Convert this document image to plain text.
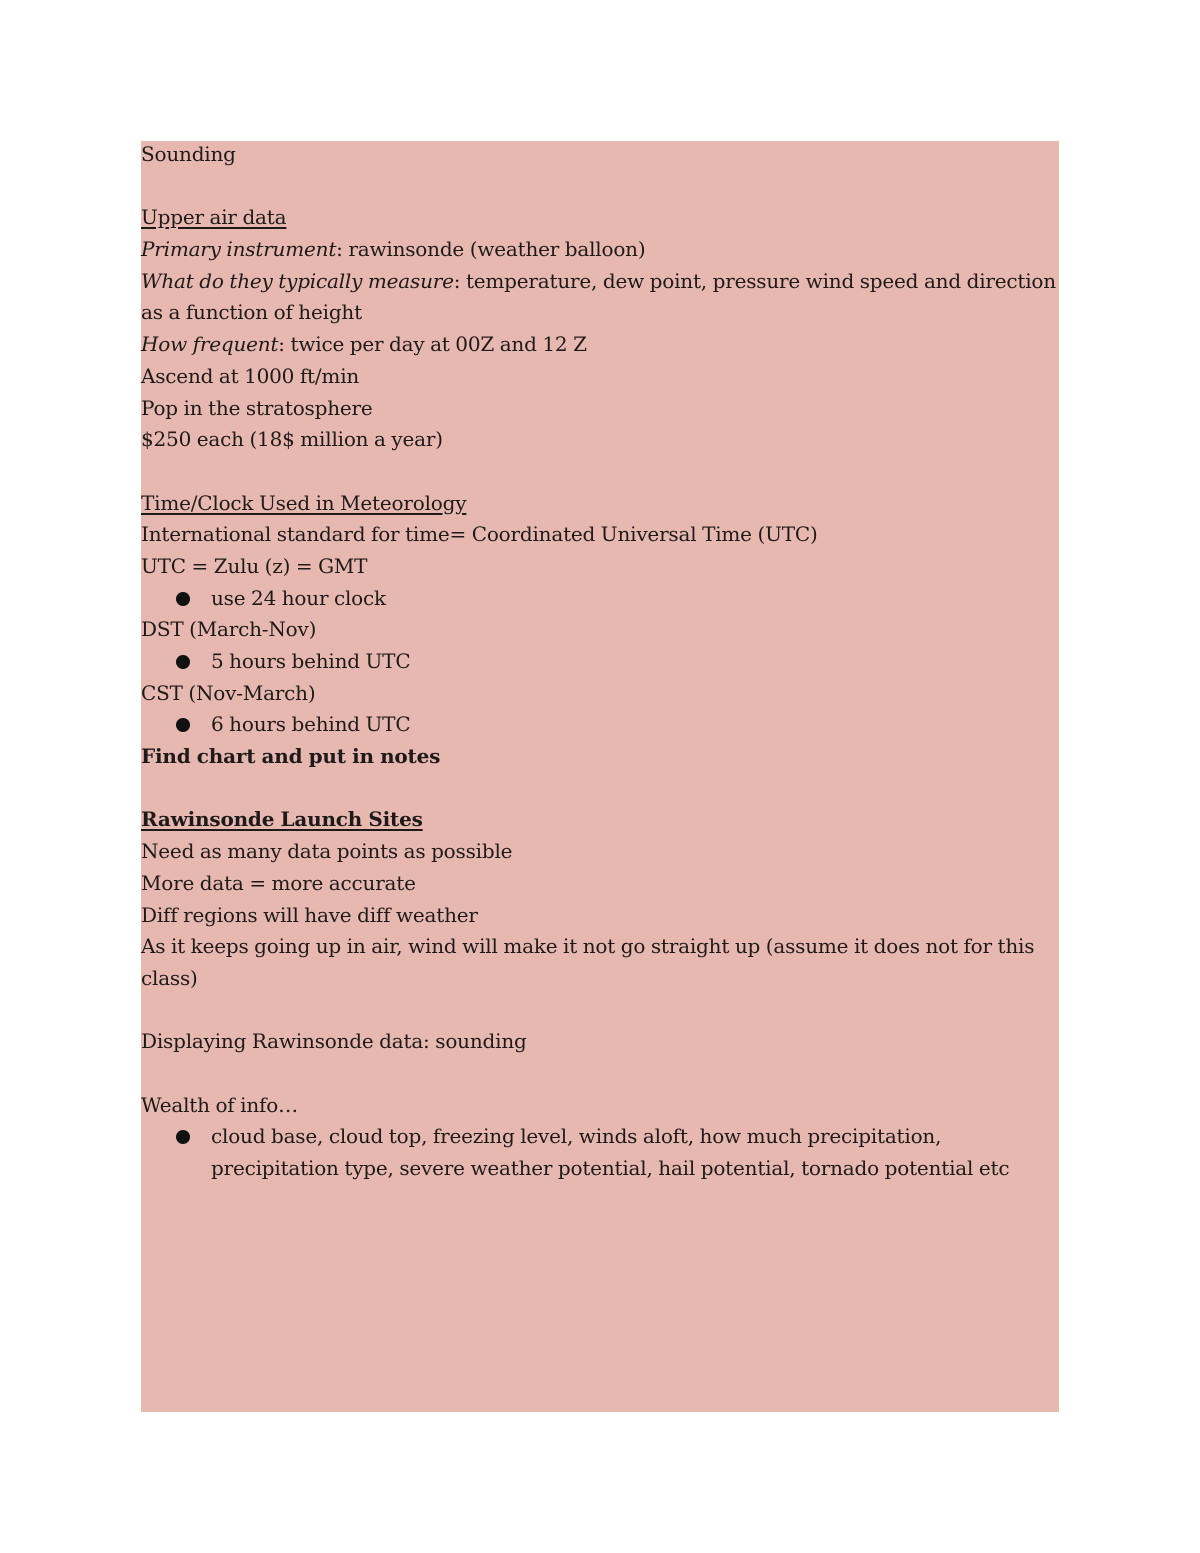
Sounding
Upper air data
Primary instrument: rawinsonde (weather balloon)
What do they typically measure: temperature, dew point, pressure wind speed and direction
as a function of height
How frequent: twice per day at 00Z and 12 Z
Ascend at 1000 ft/min
Pop in the stratosphere
$250 each (18$ million a year)
Time/Clock Used in Meteorology
International standard for time= Coordinated Universal Time (UTC)
UTC = Zulu (z) = GMT
use 24 hour clock
DST (March-Nov)
5 hours behind UTC
CST (Nov-March)
6 hours behind UTC
Find chart and put in notes
Rawinsonde Launch Sites
Need as many data points as possible
More data = more accurate
Diff regions will have diff weather
As it keeps going up in air, wind will make it not go straight up (assume it does not for this class)
Displaying Rawinsonde data: sounding
Wealth of info…
cloud base, cloud top, freezing level, winds aloft, how much precipitation, precipitation type, severe weather potential, hail potential, tornado potential etc
